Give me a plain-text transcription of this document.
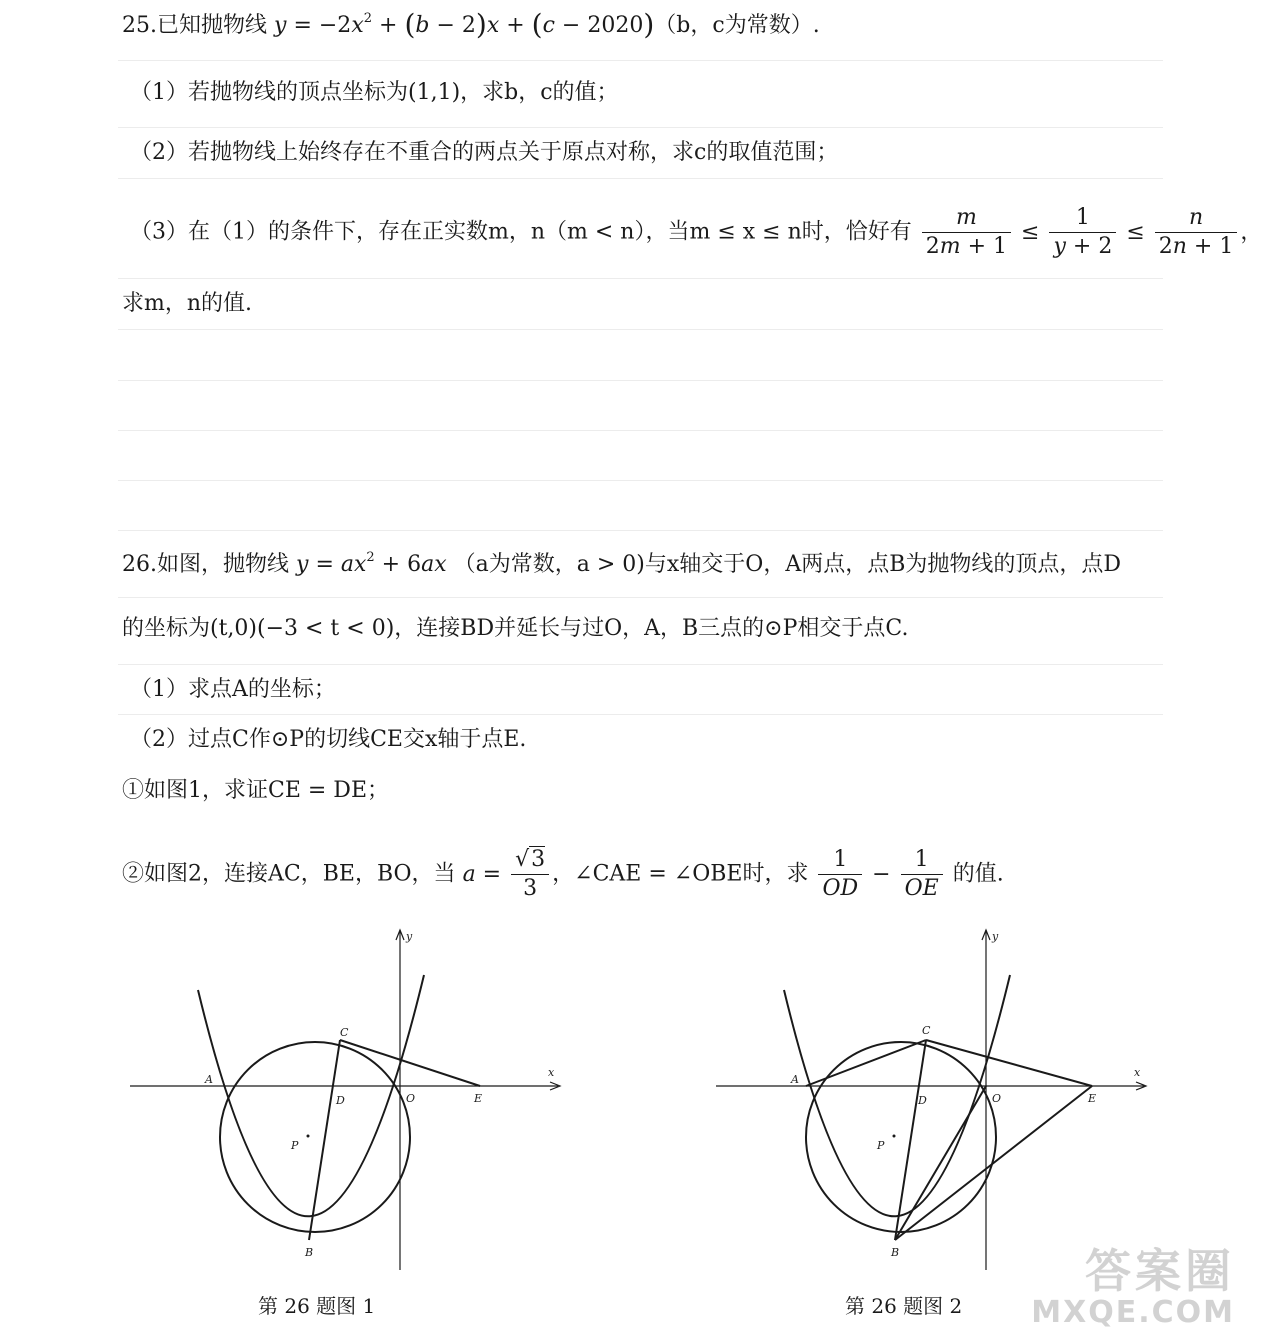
25.已知抛物线 $y = -2x^2 + (b - 2)x + (c - 2020)(b$，c为常数）.
（1）若抛物线的顶点坐标为(1,1)，求b，c的值；
（2）若抛物线上始终存在不重合的两点关于原点对称，求c的取值范围；
（3）在（1）的条件下，存在正实数m，n（m < n），当m ≤ x ≤ n时，恰好有 $\frac{m}{2m + 1} \le \frac{1}{y + 2} \le \frac{n}{2n + 1}$ ，
求m，n的值.
26.如图，抛物线 $y = ax^2 + 6ax$ （a为常数，a > 0)与x轴交于O，A两点，点B为抛物线的顶点，点D
的坐标为(t,0)(−3 < t < 0)，连接BD并延长与过O，A，B三点的⊙P相交于点C.
（1）求点A的坐标；
（2）过点C作⊙P的切线CE交x轴于点E.
①如图1，求证CE = DE；
②如图2，连接AC，BE，BO，当 $a = \frac{√3}{3}$ ，∠CAE = ∠OBE时，求 $\frac{1}{OD} - \frac{1}{OE}$ 的值.
y
x
A
C
D	O	E
P
B
第 26 题图 1
y
x
A
C
D	O	E
P
B
第 26 题图 2
答案圈
MXQE.COM
